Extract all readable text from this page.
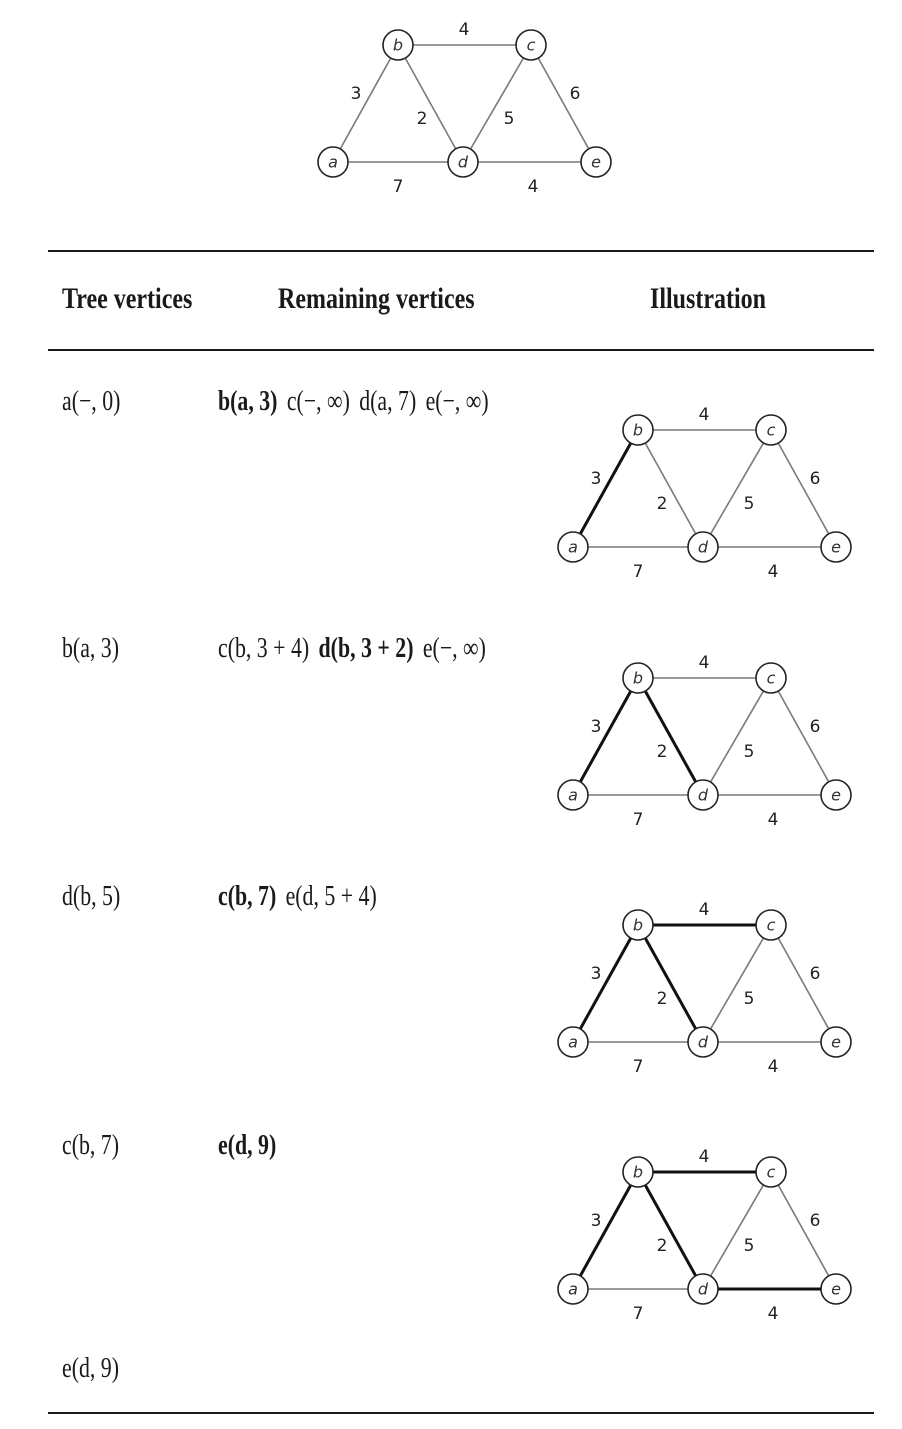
3
4
2	5
6
7	4
a
b	c
d	e
Tree vertices	Remaining vertices	Illustration
a(−, 0)	b(a, 3) c(−, ∞) d(a, 7) e(−, ∞)
3
4
2	5
6
7	4
a
b	c
d	e
b(a, 3)	c(b, 3 + 4) d(b, 3 + 2) e(−, ∞)
3
4
2	5
6
7	4
a
b	c
d	e
d(b, 5)	c(b, 7) e(d, 5 + 4)
3
4
2	5
6
7	4
a
b	c
d	e
c(b, 7)	e(d, 9)
3
4
2	5
6
7	4
a
b	c
d	e
e(d, 9)
